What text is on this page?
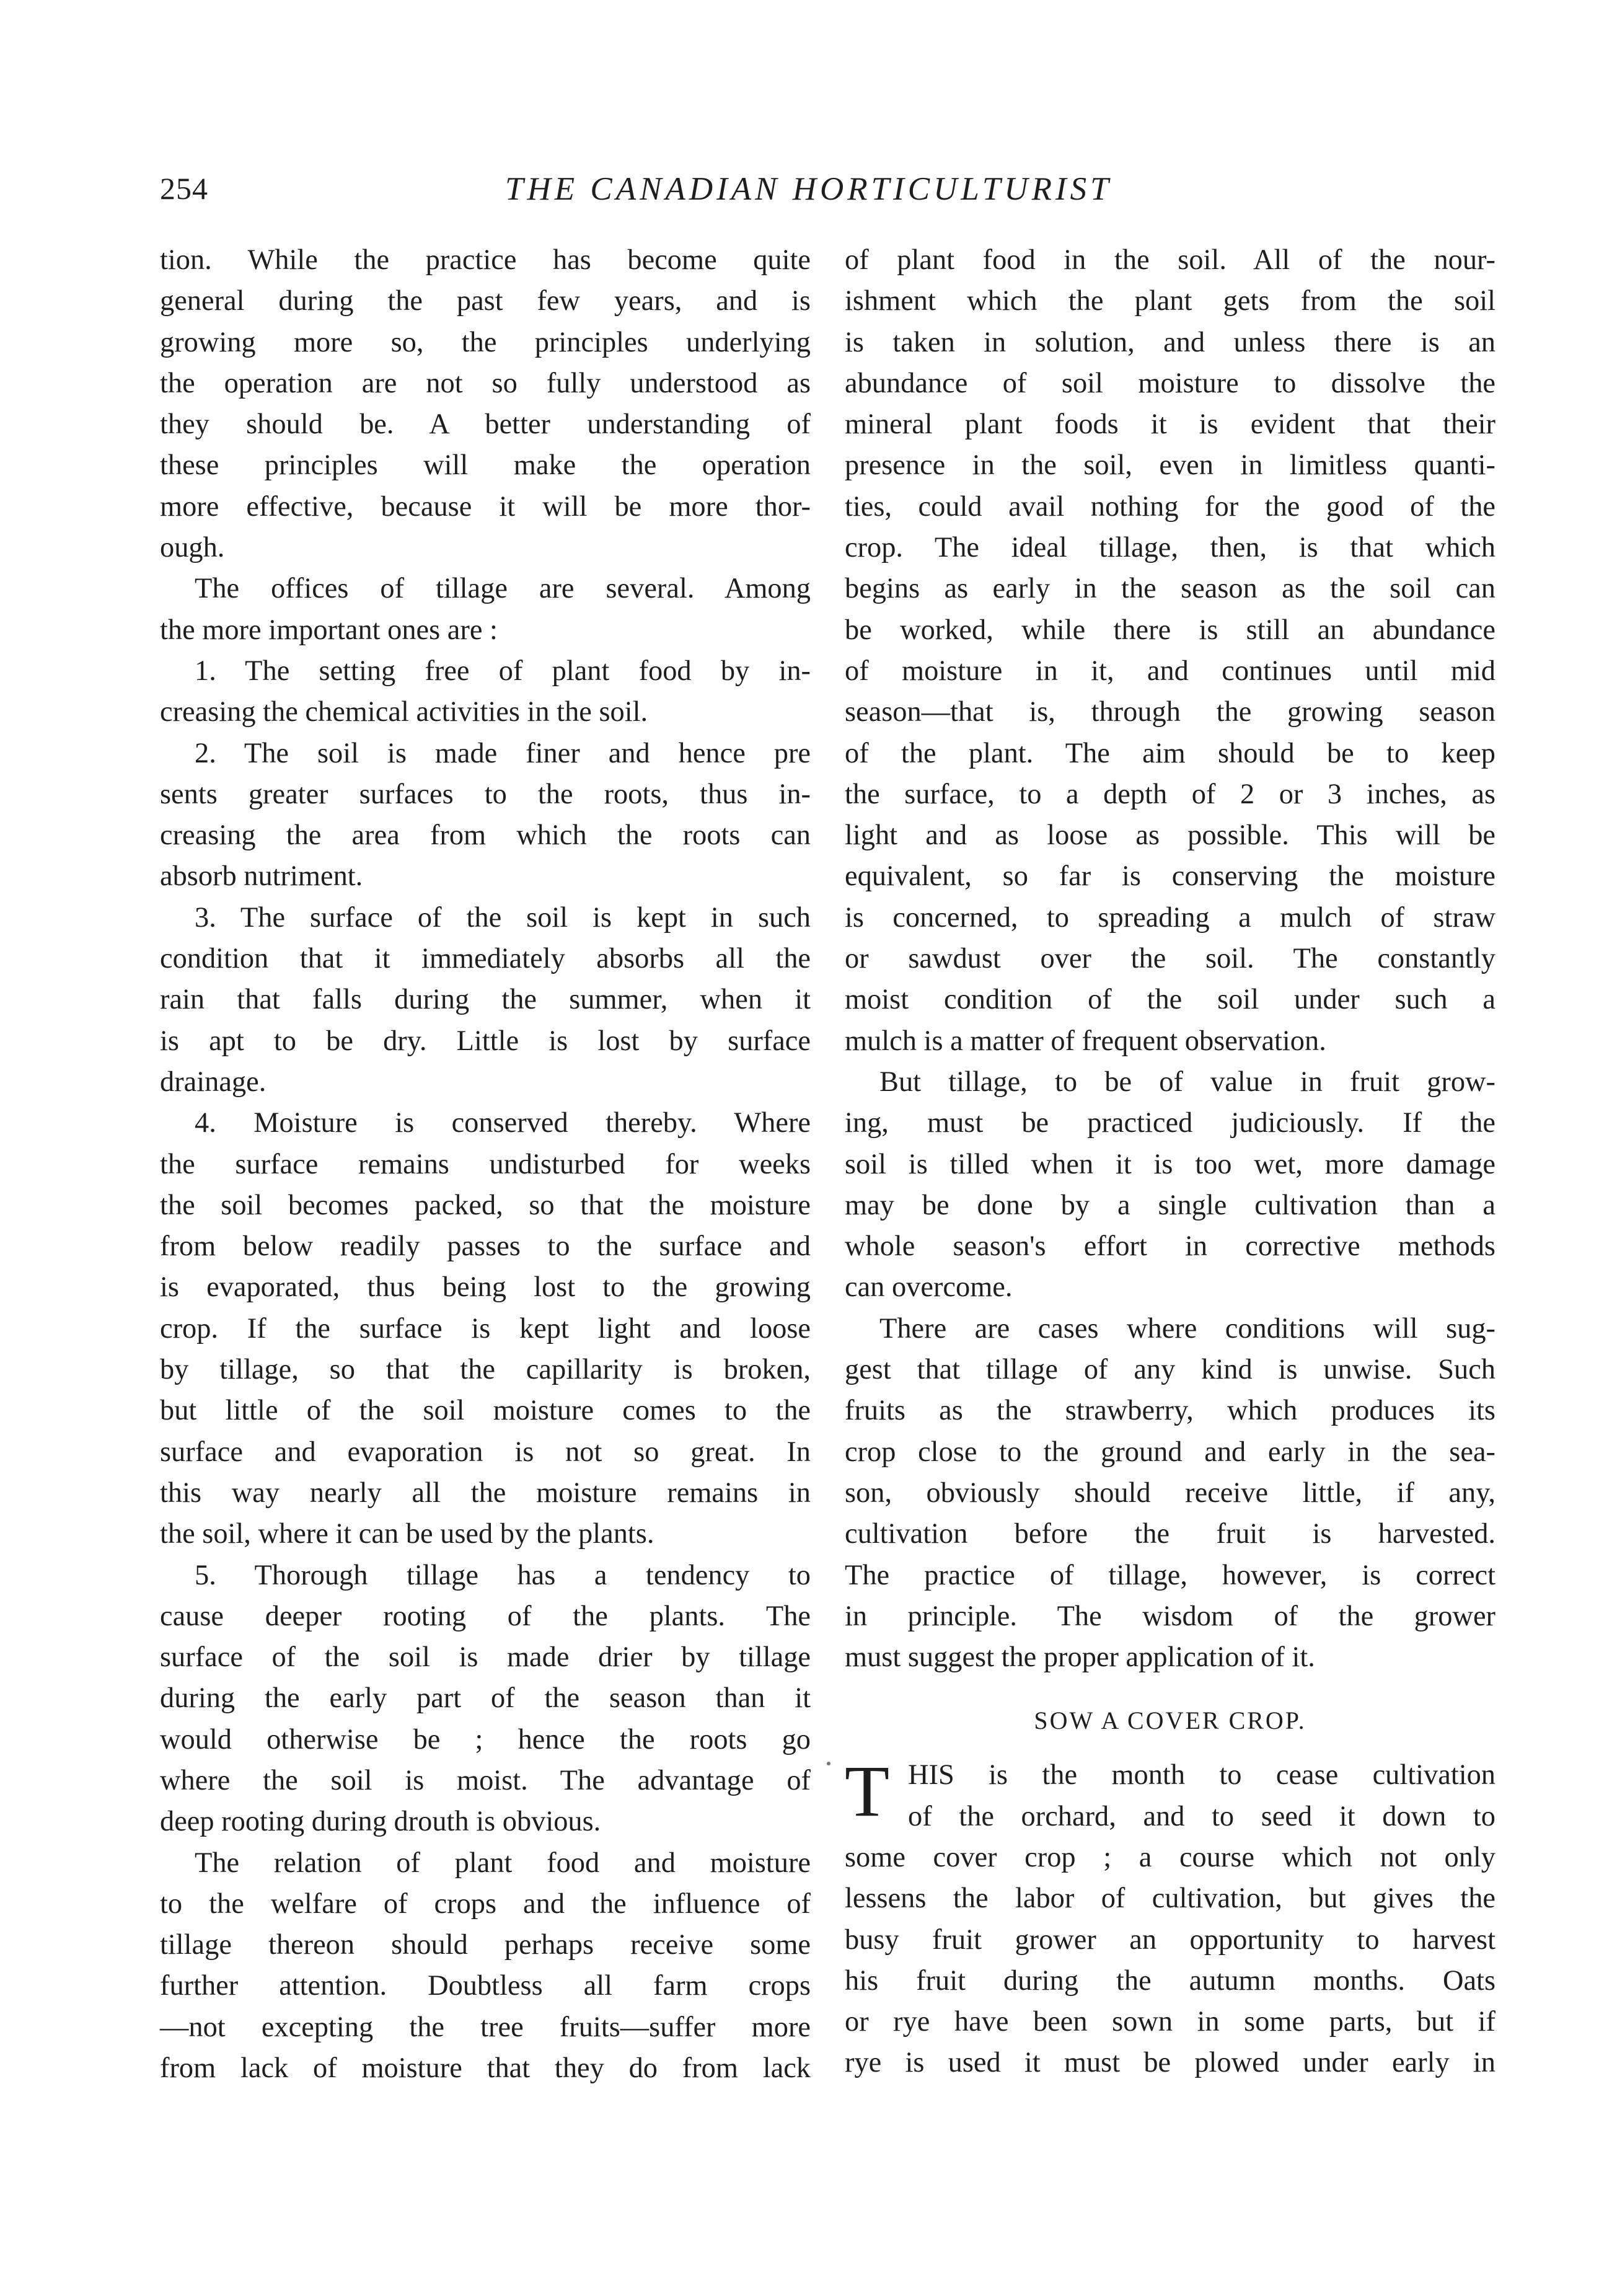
254	THE CANADIAN HORTICULTURIST
tion. While the practice has become quite
general during the past few years, and is
growing more so, the principles underlying
the operation are not so fully understood as
they should be. A better understanding of
these principles will make the operation
more effective, because it will be more thor-
ough.
The offices of tillage are several. Among
the more important ones are :
1. The setting free of plant food by in-
creasing the chemical activities in the soil.
2. The soil is made finer and hence pre
sents greater surfaces to the roots, thus in-
creasing the area from which the roots can
absorb nutriment.
3. The surface of the soil is kept in such
condition that it immediately absorbs all the
rain that falls during the summer, when it
is apt to be dry. Little is lost by surface
drainage.
4. Moisture is conserved thereby. Where
the surface remains undisturbed for weeks
the soil becomes packed, so that the moisture
from below readily passes to the surface and
is evaporated, thus being lost to the growing
crop. If the surface is kept light and loose
by tillage, so that the capillarity is broken,
but little of the soil moisture comes to the
surface and evaporation is not so great. In
this way nearly all the moisture remains in
the soil, where it can be used by the plants.
5. Thorough tillage has a tendency to
cause deeper rooting of the plants. The
surface of the soil is made drier by tillage
during the early part of the season than it
would otherwise be ; hence the roots go
where the soil is moist. The advantage of
deep rooting during drouth is obvious.
The relation of plant food and moisture
to the welfare of crops and the influence of
tillage thereon should perhaps receive some
further attention. Doubtless all farm crops
—not excepting the tree fruits—suffer more
from lack of moisture that they do from lack
of plant food in the soil. All of the nour-
ishment which the plant gets from the soil
is taken in solution, and unless there is an
abundance of soil moisture to dissolve the
mineral plant foods it is evident that their
presence in the soil, even in limitless quanti-
ties, could avail nothing for the good of the
crop. The ideal tillage, then, is that which
begins as early in the season as the soil can
be worked, while there is still an abundance
of moisture in it, and continues until mid
season—that is, through the growing season
of the plant. The aim should be to keep
the surface, to a depth of 2 or 3 inches, as
light and as loose as possible. This will be
equivalent, so far is conserving the moisture
is concerned, to spreading a mulch of straw
or sawdust over the soil. The constantly
moist condition of the soil under such a
mulch is a matter of frequent observation.
But tillage, to be of value in fruit grow-
ing, must be practiced judiciously. If the
soil is tilled when it is too wet, more damage
may be done by a single cultivation than a
whole season's effort in corrective methods
can overcome.
There are cases where conditions will sug-
gest that tillage of any kind is unwise. Such
fruits as the strawberry, which produces its
crop close to the ground and early in the sea-
son, obviously should receive little, if any,
cultivation before the fruit is harvested.
The practice of tillage, however, is correct
in principle. The wisdom of the grower
must suggest the proper application of it.
SOW A COVER CROP.
T HIS is the month to cease cultivation
of the orchard, and to seed it down to
some cover crop ; a course which not only
lessens the labor of cultivation, but gives the
busy fruit grower an opportunity to harvest
his fruit during the autumn months. Oats
or rye have been sown in some parts, but if
rye is used it must be plowed under early in
